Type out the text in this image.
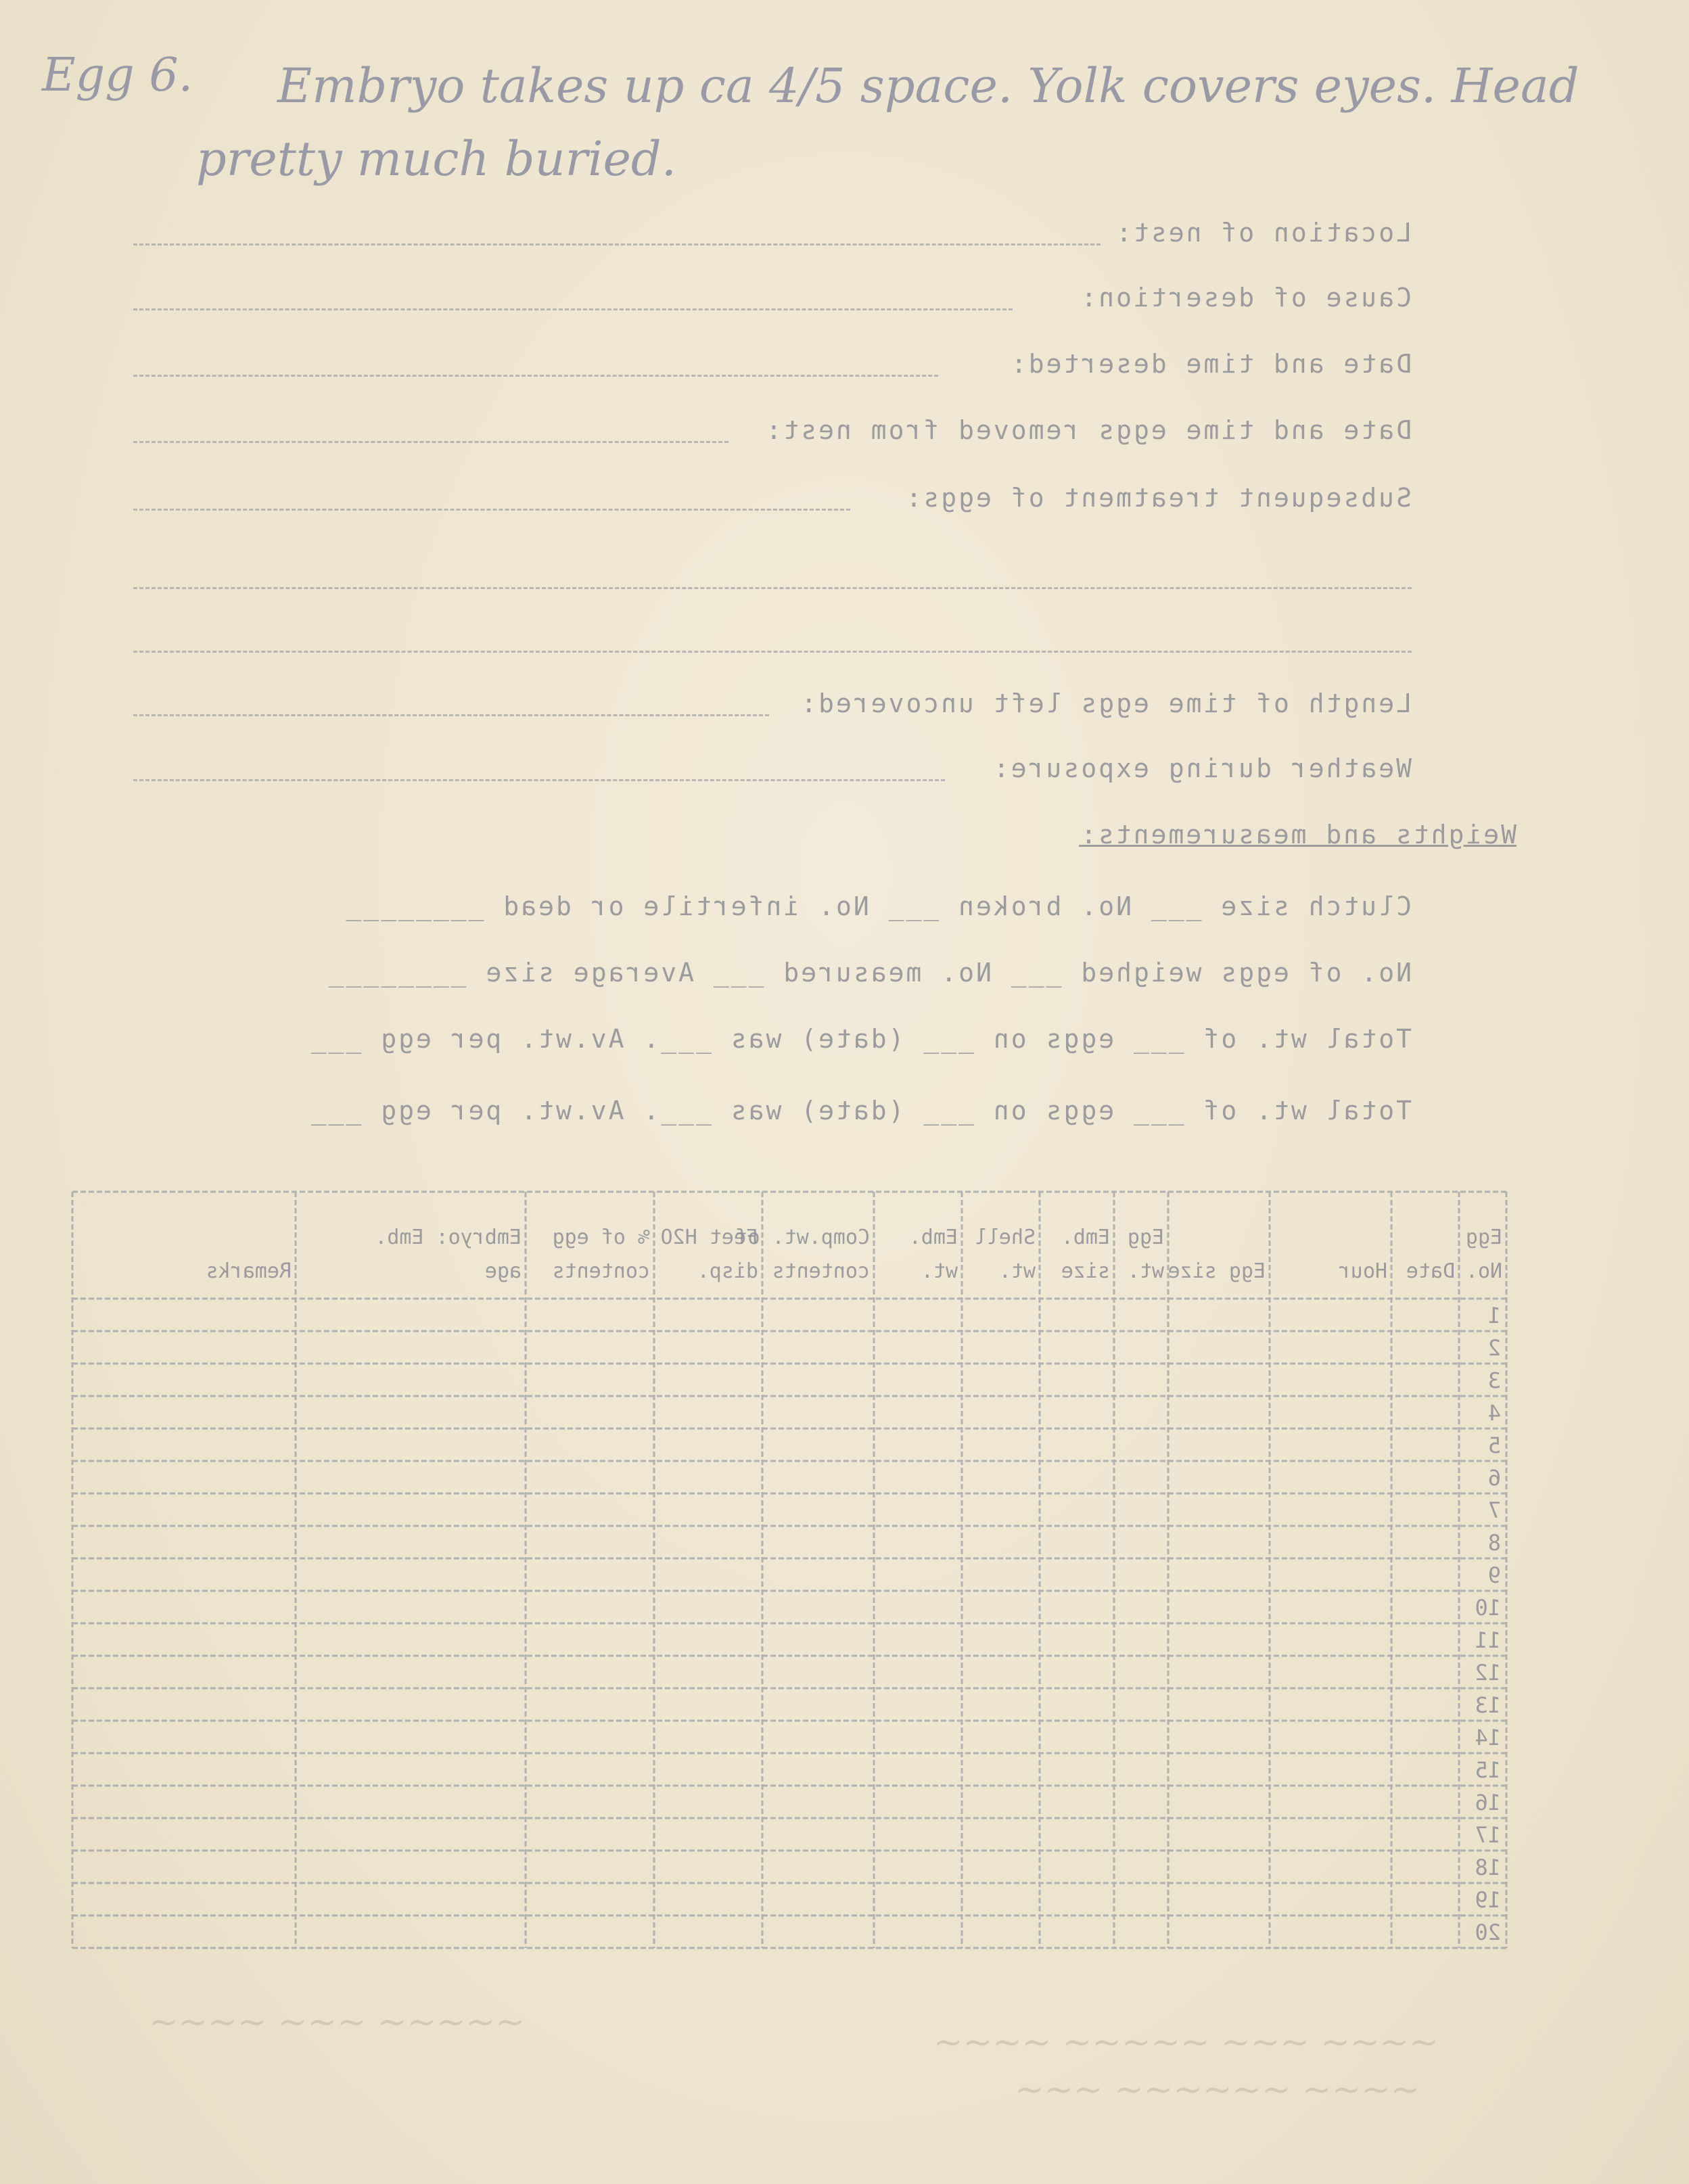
Egg 6. Embryo takes up ca 4/5 space. Yolk covers eyes. Head
pretty much buried.
Location of nest:
Cause of desertion:
Date and time deserted:
Date and time eggs removed from nest:
Subsequent treatment of eggs:
Length of time eggs left uncovered:
Weather during exposure:
Weights and measurements:
Clutch size ___ No. broken ___ No. infertile or dead ________
No. of eggs weighed ___ No. measured ___ Average size ________
Total wt. of ___ eggs on ___ (date) was ___. Av.wt. per egg ___
Total wt. of ___ eggs on ___ (date) was ___. Av.wt. per egg ___
Egg
No.
Date
Hour
Egg size
Egg
wt.
Emb.
size
Shell
wt.
Emb.
wt.
Comp.wt. of
contents
Feet H2O
disp.
% of egg
contents
Embryo: Emb.
age
Remarks
1
2
3
4
5
6
7
8
9
10
11
12
13
14
15
16
17
18
19
20
~~~~ ~~~ ~~~~~	~~~~ ~~~~~ ~~~ ~~~~
~~~ ~~~~~~ ~~~~
